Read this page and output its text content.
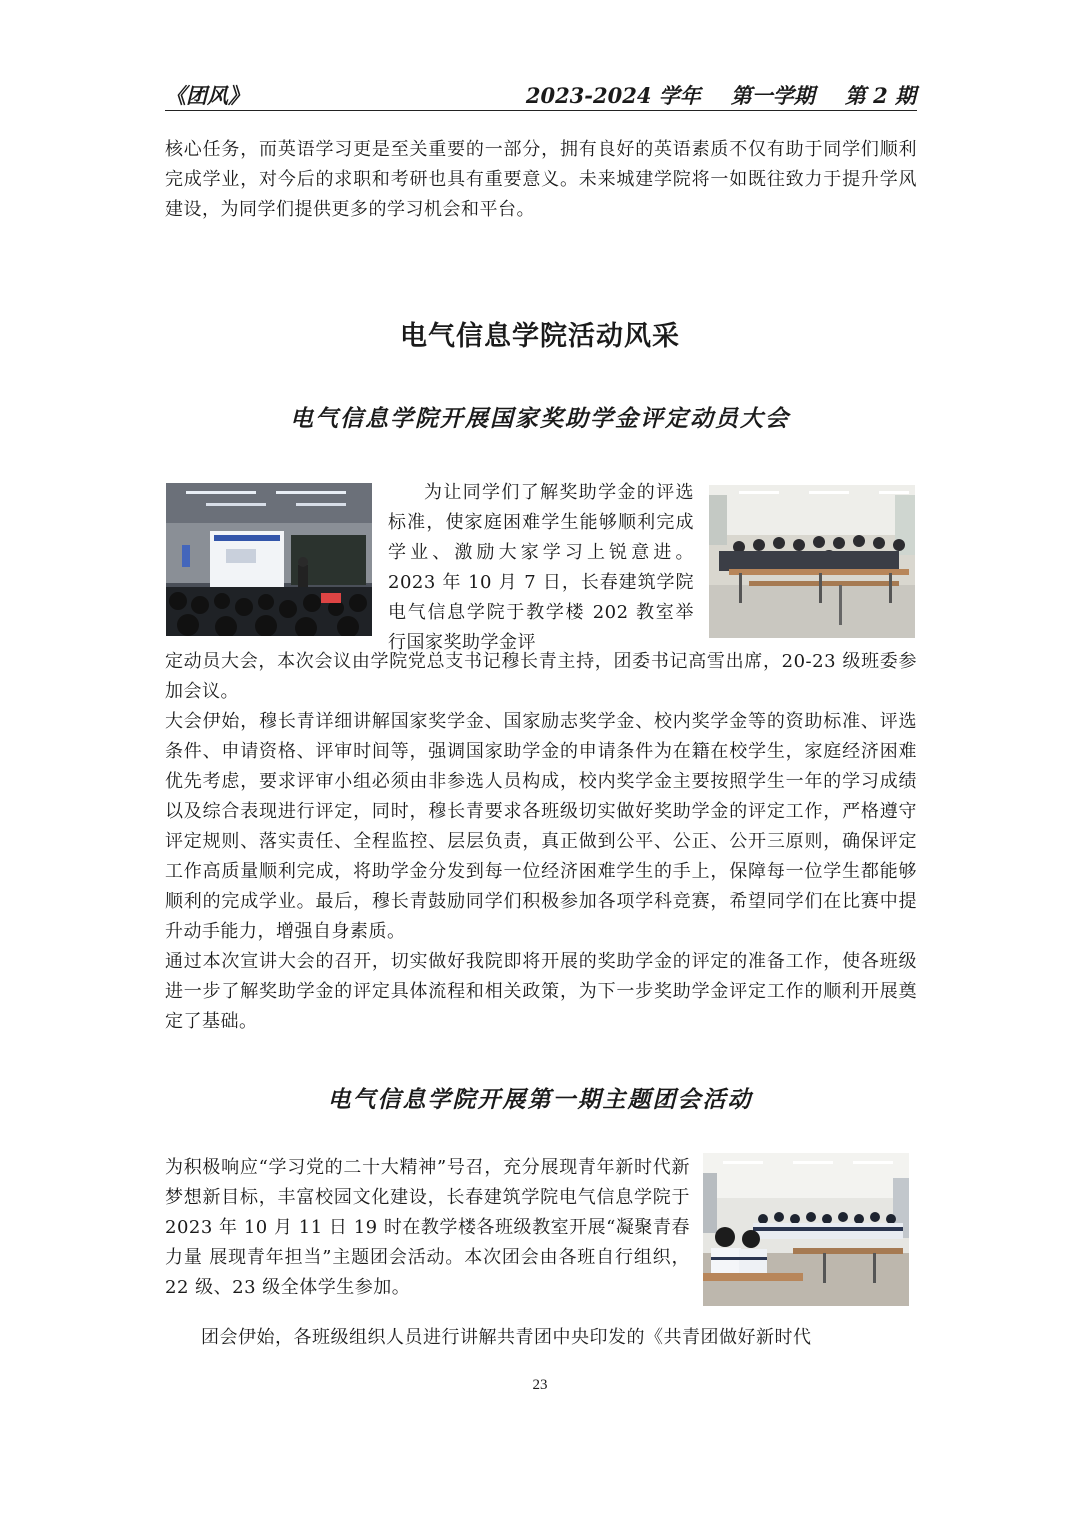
《团风》	2023-2024 学年 第一学期 第 2 期

核心任务，而英语学习更是至关重要的一部分，拥有良好的英语素质不仅有助于同学们顺利完成学业，对今后的求职和考研也具有重要意义。未来城建学院将一如既往致力于提升学风建设，为同学们提供更多的学习机会和平台。

电气信息学院活动风采
电气信息学院开展国家奖助学金评定动员大会

为让同学们了解奖助学金的评选标准，使家庭困难学生能够顺利完成学业、激励大家学习上锐意进。2023 年 10 月 7 日，长春建筑学院电气信息学院于教学楼 202 教室举行国家奖助学金评

定动员大会，本次会议由学院党总支书记穆长青主持，团委书记高雪出席，20-23 级班委参加会议。

大会伊始，穆长青详细讲解国家奖学金、国家励志奖学金、校内奖学金等的资助标准、评选条件、申请资格、评审时间等，强调国家助学金的申请条件为在籍在校学生，家庭经济困难优先考虑，要求评审小组必须由非参选人员构成，校内奖学金主要按照学生一年的学习成绩以及综合表现进行评定，同时，穆长青要求各班级切实做好奖助学金的评定工作，严格遵守评定规则、落实责任、全程监控、层层负责，真正做到公平、公正、公开三原则，确保评定工作高质量顺利完成，将助学金分发到每一位经济困难学生的手上，保障每一位学生都能够顺利的完成学业。最后，穆长青鼓励同学们积极参加各项学科竞赛，希望同学们在比赛中提升动手能力，增强自身素质。

通过本次宣讲大会的召开，切实做好我院即将开展的奖助学金的评定的准备工作，使各班级进一步了解奖助学金的评定具体流程和相关政策，为下一步奖助学金评定工作的顺利开展奠定了基础。

电气信息学院开展第一期主题团会活动

为积极响应“学习党的二十大精神”号召，充分展现青年新时代新梦想新目标，丰富校园文化建设，长春建筑学院电气信息学院于 2023 年 10 月 11 日 19 时在教学楼各班级教室开展“凝聚青春力量 展现青年担当”主题团会活动。本次团会由各班自行组织，22 级、23 级全体学生参加。

团会伊始，各班级组织人员进行讲解共青团中央印发的《共青团做好新时代

23
